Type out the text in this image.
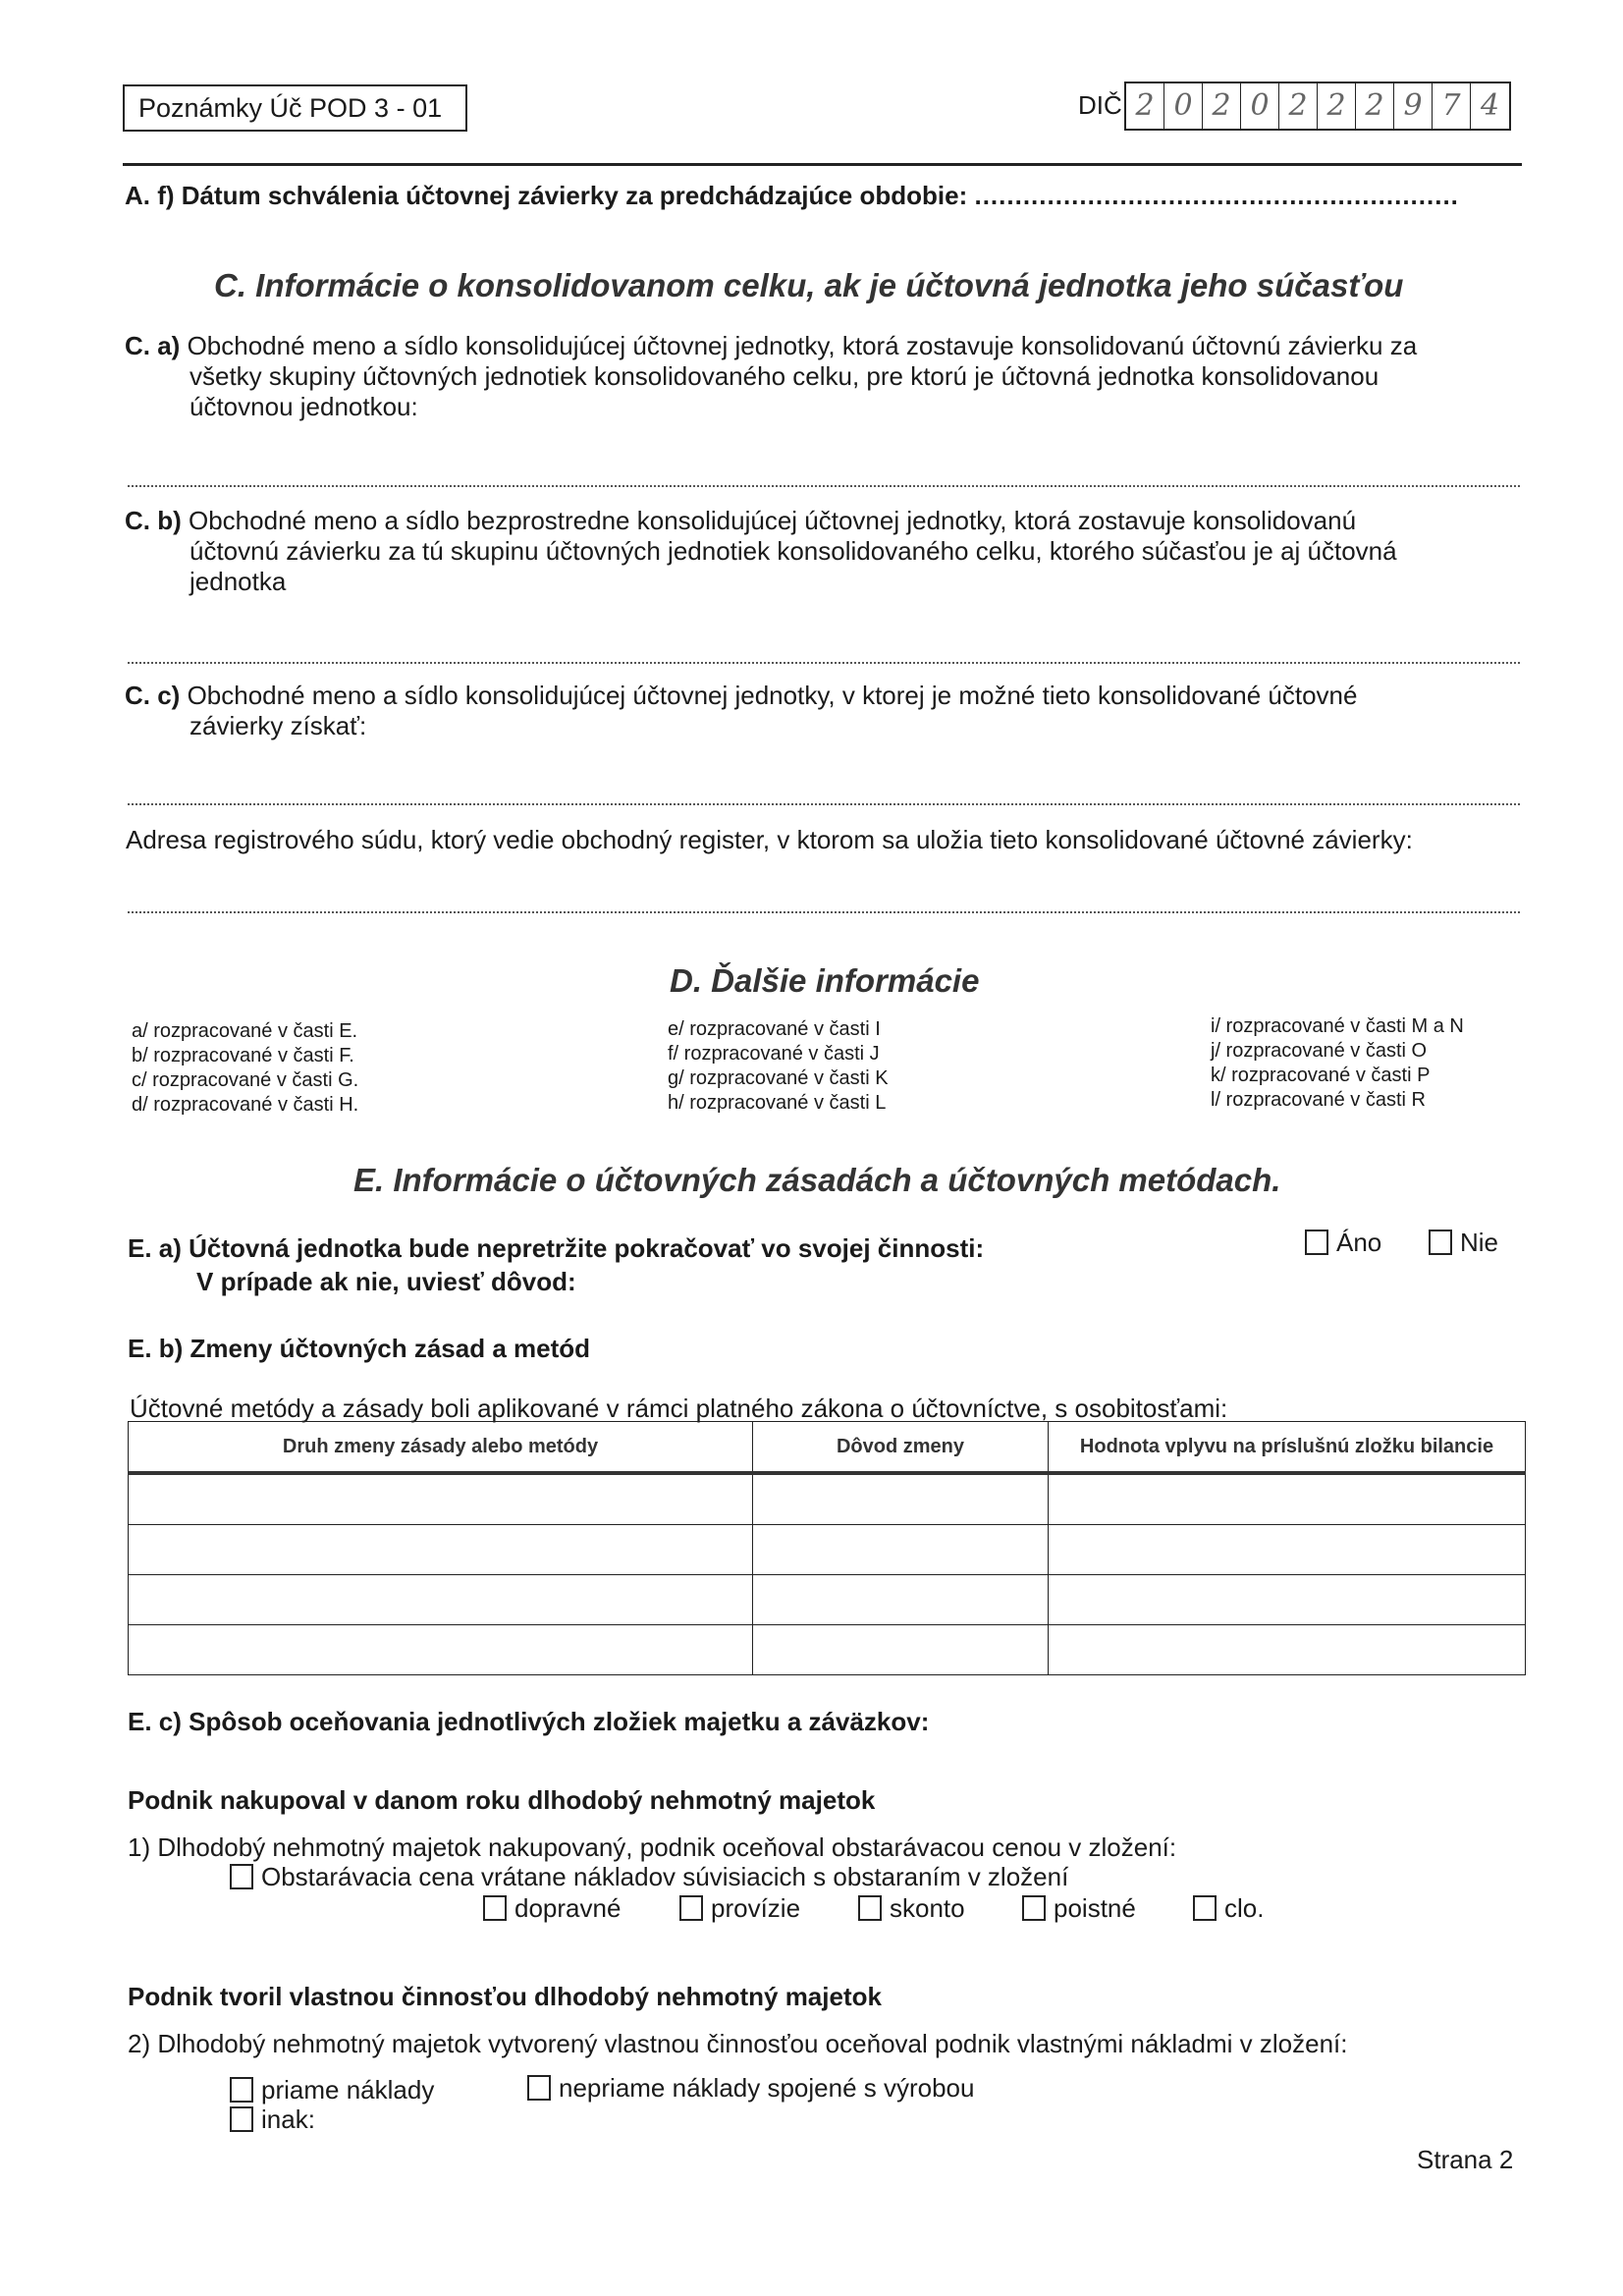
Poznámky Úč POD 3 - 01	DIČ 2 0 2 0 2 2 2 9 7 4
A. f) Dátum schválenia účtovnej závierky za predchádzajúce obdobie: ............................................................
C. Informácie o konsolidovanom celku, ak je účtovná jednotka jeho súčasťou
C. a) Obchodné meno a sídlo konsolidujúcej účtovnej jednotky, ktorá zostavuje konsolidovanú účtovnú závierku za
všetky skupiny účtovných jednotiek konsolidovaného celku, pre ktorú je účtovná jednotka konsolidovanou
účtovnou jednotkou:
C. b) Obchodné meno a sídlo bezprostredne konsolidujúcej účtovnej jednotky, ktorá zostavuje konsolidovanú
účtovnú závierku za tú skupinu účtovných jednotiek konsolidovaného celku, ktorého súčasťou je aj účtovná
jednotka
C. c) Obchodné meno a sídlo konsolidujúcej účtovnej jednotky, v ktorej je možné tieto konsolidované účtovné
závierky získať:
Adresa registrového súdu, ktorý vedie obchodný register, v ktorom sa uložia tieto konsolidované účtovné závierky:
D. Ďalšie informácie
a/ rozpracované v časti E.
b/ rozpracované v časti F.
c/ rozpracované v časti G.
d/ rozpracované v časti H.
e/ rozpracované v časti I
f/ rozpracované v časti J
g/ rozpracované v časti K
h/ rozpracované v časti L
i/ rozpracované v časti M a N
j/ rozpracované v časti O
k/ rozpracované v časti P
l/ rozpracované v časti R
E. Informácie o účtovných zásadách a účtovných metódach.
E. a) Účtovná jednotka bude nepretržite pokračovať vo svojej činnosti:
V prípade ak nie, uviesť dôvod:
Áno	Nie
E. b) Zmeny účtovných zásad a metód
Účtovné metódy a zásady boli aplikované v rámci platného zákona o účtovníctve, s osobitosťami:
Druh zmeny zásady alebo metódy	Dôvod zmeny	Hodnota vplyvu na príslušnú zložku bilancie

E. c) Spôsob oceňovania jednotlivých zložiek majetku a záväzkov:
Podnik nakupoval v danom roku dlhodobý nehmotný majetok
1) Dlhodobý nehmotný majetok nakupovaný, podnik oceňoval obstarávacou cenou v zložení:
Obstarávacia cena vrátane nákladov súvisiacich s obstaraním v zložení
dopravné	provízie	skonto	poistné	clo.
Podnik tvoril vlastnou činnosťou dlhodobý nehmotný majetok
2) Dlhodobý nehmotný majetok vytvorený vlastnou činnosťou oceňoval podnik vlastnými nákladmi v zložení:
priame náklady	nepriame náklady spojené s výrobou
inak:
Strana 2
